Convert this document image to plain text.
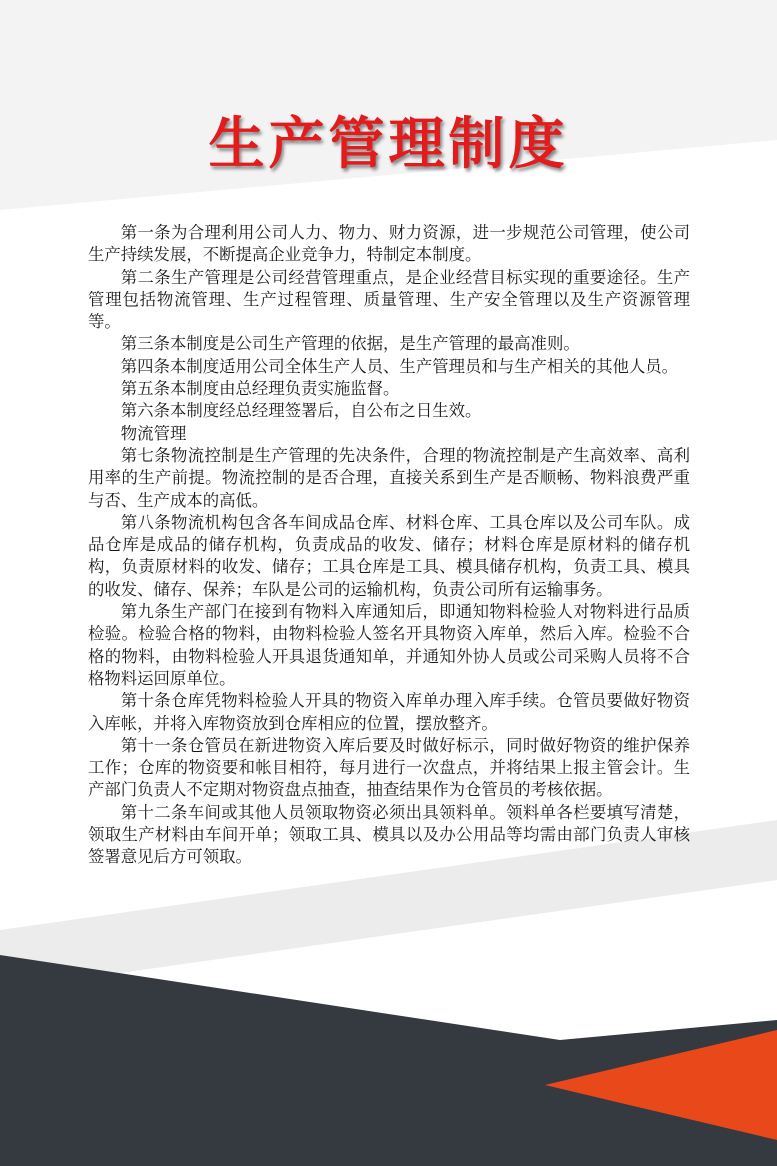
生产管理制度

第一条为合理利用公司人力、物力、财力资源，进一步规范公司管理，使公司生产持续发展，不断提高企业竞争力，特制定本制度。

第二条生产管理是公司经营管理重点，是企业经营目标实现的重要途径。生产管理包括物流管理、生产过程管理、质量管理、生产安全管理以及生产资源管理等。

第三条本制度是公司生产管理的依据，是生产管理的最高准则。

第四条本制度适用公司全体生产人员、生产管理员和与生产相关的其他人员。

第五条本制度由总经理负责实施监督。

第六条本制度经总经理签署后，自公布之日生效。

物流管理

第七条物流控制是生产管理的先决条件，合理的物流控制是产生高效率、高利用率的生产前提。物流控制的是否合理，直接关系到生产是否顺畅、物料浪费严重与否、生产成本的高低。

第八条物流机构包含各车间成品仓库、材料仓库、工具仓库以及公司车队。成品仓库是成品的储存机构，负责成品的收发、储存；材料仓库是原材料的储存机构，负责原材料的收发、储存；工具仓库是工具、模具储存机构，负责工具、模具的收发、储存、保养；车队是公司的运输机构，负责公司所有运输事务。

第九条生产部门在接到有物料入库通知后，即通知物料检验人对物料进行品质检验。检验合格的物料，由物料检验人签名开具物资入库单，然后入库。检验不合格的物料，由物料检验人开具退货通知单，并通知外协人员或公司采购人员将不合格物料运回原单位。

第十条仓库凭物料检验人开具的物资入库单办理入库手续。仓管员要做好物资入库帐，并将入库物资放到仓库相应的位置，摆放整齐。

第十一条仓管员在新进物资入库后要及时做好标示，同时做好物资的维护保养工作；仓库的物资要和帐目相符，每月进行一次盘点，并将结果上报主管会计。生产部门负责人不定期对物资盘点抽查，抽查结果作为仓管员的考核依据。

第十二条车间或其他人员领取物资必须出具领料单。领料单各栏要填写清楚，领取生产材料由车间开单；领取工具、模具以及办公用品等均需由部门负责人审核签署意见后方可领取。
